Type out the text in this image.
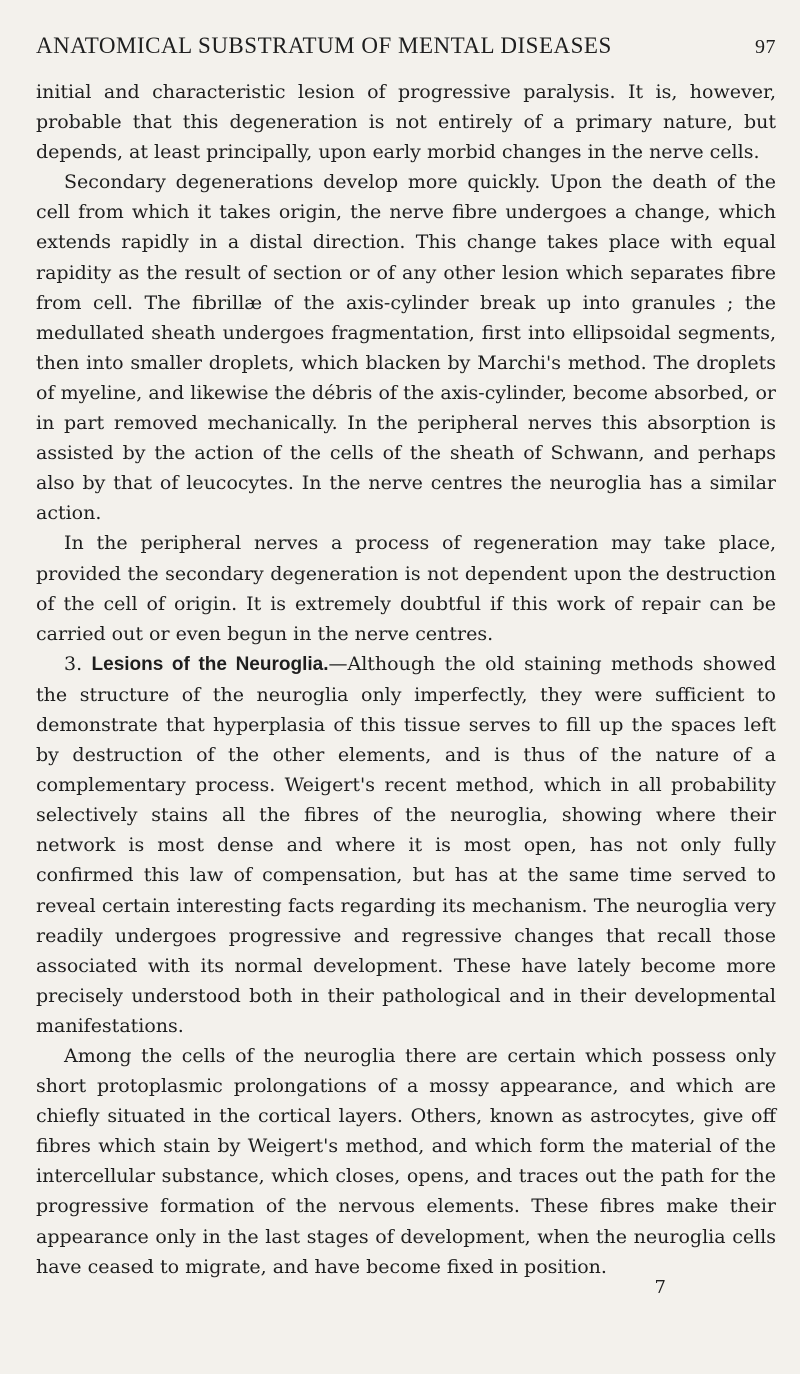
ANATOMICAL SUBSTRATUM OF MENTAL DISEASES	97

initial and characteristic lesion of progressive paralysis. It is, however, probable that this degeneration is not entirely of a primary nature, but depends, at least principally, upon early morbid changes in the nerve cells.

Secondary degenerations develop more quickly. Upon the death of the cell from which it takes origin, the nerve fibre undergoes a change, which extends rapidly in a distal direction. This change takes place with equal rapidity as the result of section or of any other lesion which separates fibre from cell. The fibrillæ of the axis-cylinder break up into granules ; the medullated sheath undergoes fragmentation, first into ellipsoidal segments, then into smaller droplets, which blacken by Marchi's method. The droplets of myeline, and likewise the débris of the axis-cylinder, become absorbed, or in part removed mechanically. In the peripheral nerves this absorption is assisted by the action of the cells of the sheath of Schwann, and perhaps also by that of leucocytes. In the nerve centres the neuroglia has a similar action.

In the peripheral nerves a process of regeneration may take place, provided the secondary degeneration is not dependent upon the destruction of the cell of origin. It is extremely doubtful if this work of repair can be carried out or even begun in the nerve centres.

3. Lesions of the Neuroglia.—Although the old staining methods showed the structure of the neuroglia only imperfectly, they were sufficient to demonstrate that hyperplasia of this tissue serves to fill up the spaces left by destruction of the other elements, and is thus of the nature of a complementary process. Weigert's recent method, which in all probability selectively stains all the fibres of the neuroglia, showing where their network is most dense and where it is most open, has not only fully confirmed this law of compensation, but has at the same time served to reveal certain interesting facts regarding its mechanism. The neuroglia very readily undergoes progressive and regressive changes that recall those associated with its normal development. These have lately become more precisely understood both in their pathological and in their developmental manifestations.

Among the cells of the neuroglia there are certain which possess only short protoplasmic prolongations of a mossy appearance, and which are chiefly situated in the cortical layers. Others, known as astrocytes, give off fibres which stain by Weigert's method, and which form the material of the intercellular substance, which closes, opens, and traces out the path for the progressive formation of the nervous elements. These fibres make their appearance only in the last stages of development, when the neuroglia cells have ceased to migrate, and have become fixed in position.

7
